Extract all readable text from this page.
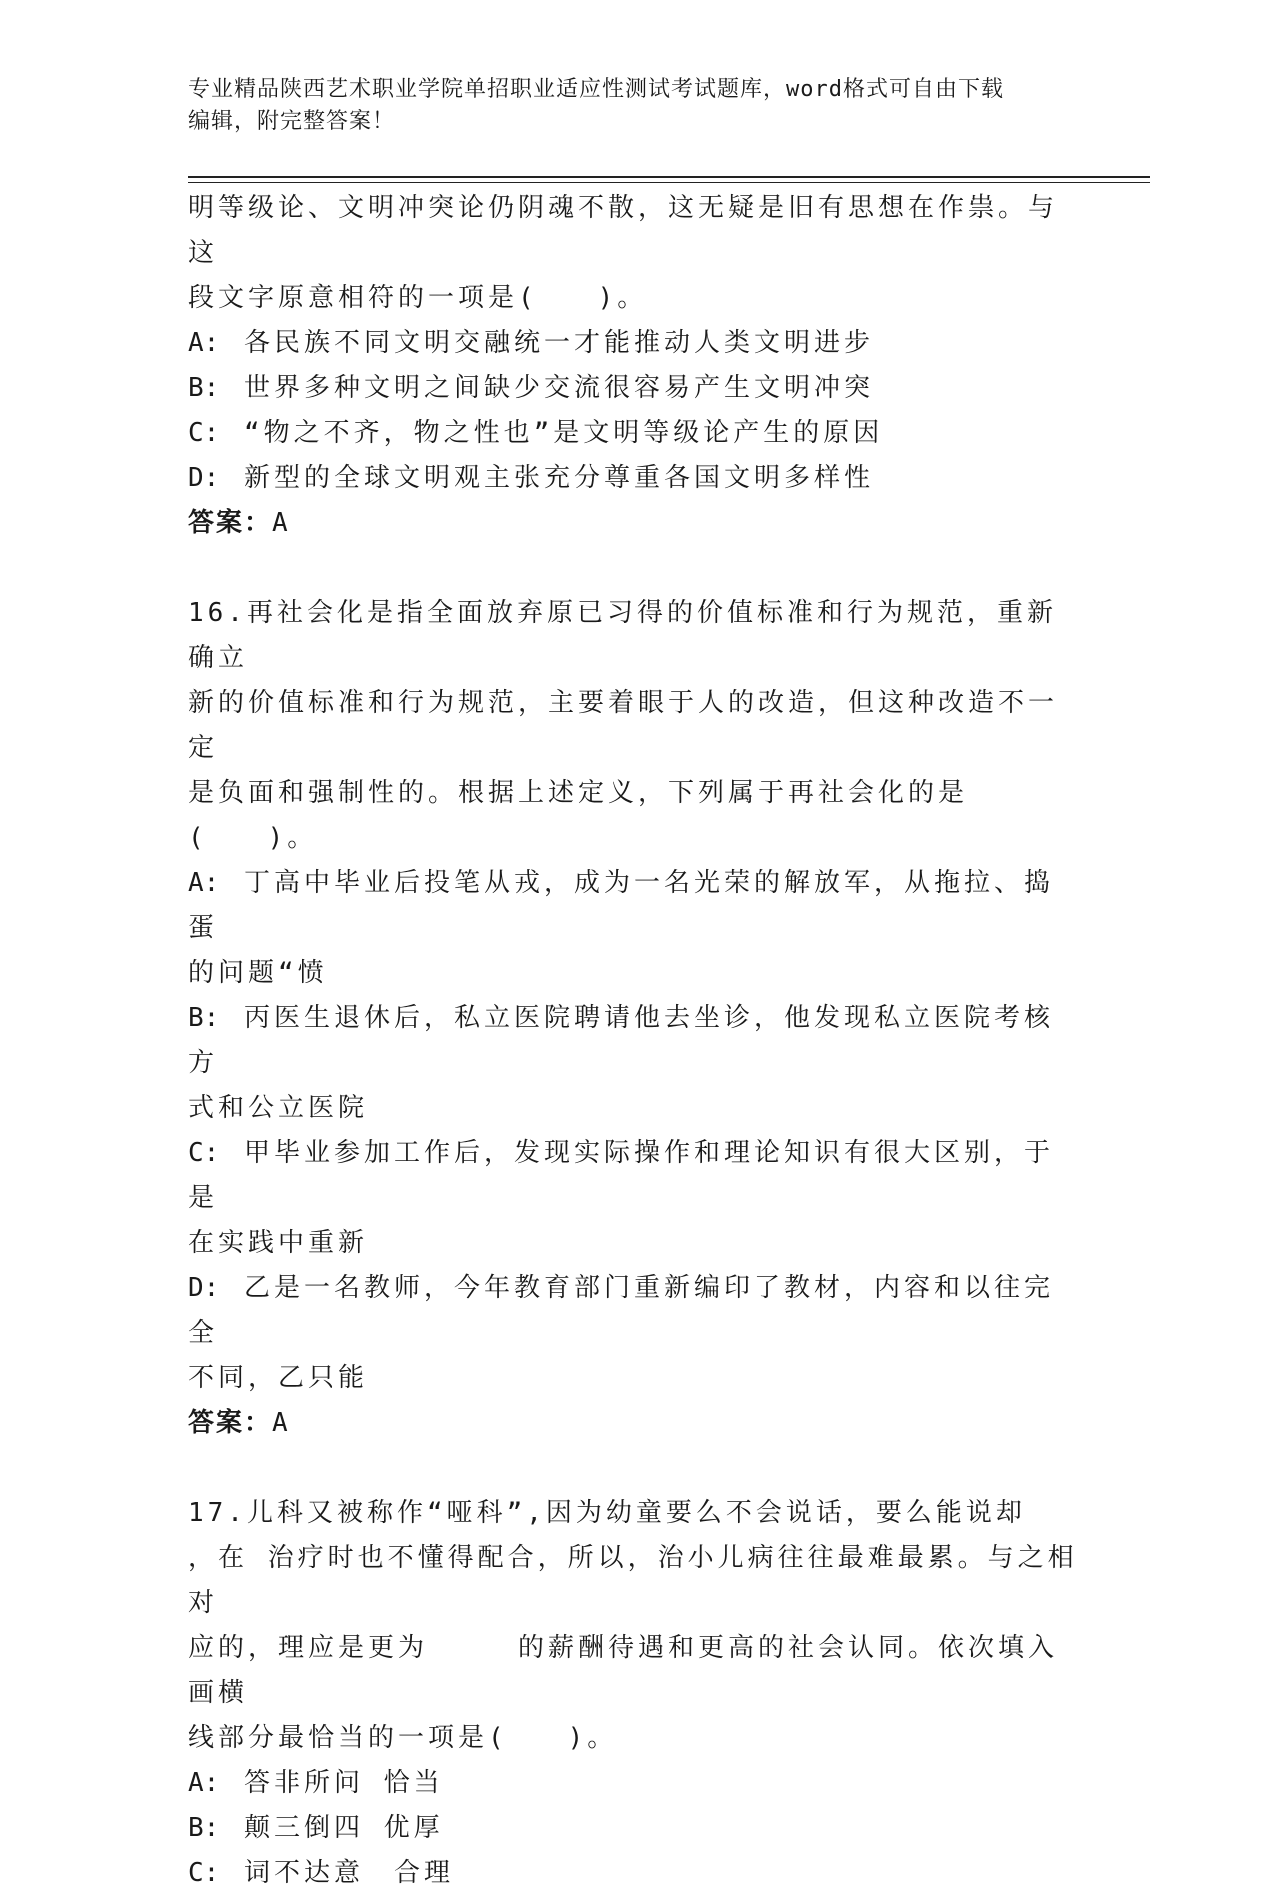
专业精品陕西艺术职业学院单招职业适应性测试考试题库，word格式可自由下载
编辑，附完整答案！

明等级论、文明冲突论仍阴魂不散，这无疑是旧有思想在作祟。与这
段文字原意相符的一项是(　　)。

A: 各民族不同文明交融统一才能推动人类文明进步

B: 世界多种文明之间缺少交流很容易产生文明冲突

C: “物之不齐，物之性也”是文明等级论产生的原因

D: 新型的全球文明观主张充分尊重各国文明多样性

答案：A

16.再社会化是指全面放弃原已习得的价值标准和行为规范，重新确立
新的价值标准和行为规范，主要着眼于人的改造，但这种改造不一定
是负面和强制性的。根据上述定义，下列属于再社会化的是(　　)。

A: 丁高中毕业后投笔从戎，成为一名光荣的解放军，从拖拉、捣蛋
的问题“愤

B: 丙医生退休后，私立医院聘请他去坐诊，他发现私立医院考核方
式和公立医院

C: 甲毕业参加工作后，发现实际操作和理论知识有很大区别，于是
在实践中重新

D: 乙是一名教师，今年教育部门重新编印了教材，内容和以往完全
不同，乙只能

答案：A

17.儿科又被称作“哑科”,因为幼童要么不会说话，要么能说却
，在 治疗时也不懂得配合，所以，治小儿病往往最难最累。与之相对
应的，理应是更为　　　的薪酬待遇和更高的社会认同。依次填入画横
线部分最恰当的一项是(　　)。

A: 答非所问 恰当

B: 颠三倒四 优厚

C: 词不达意　合理
